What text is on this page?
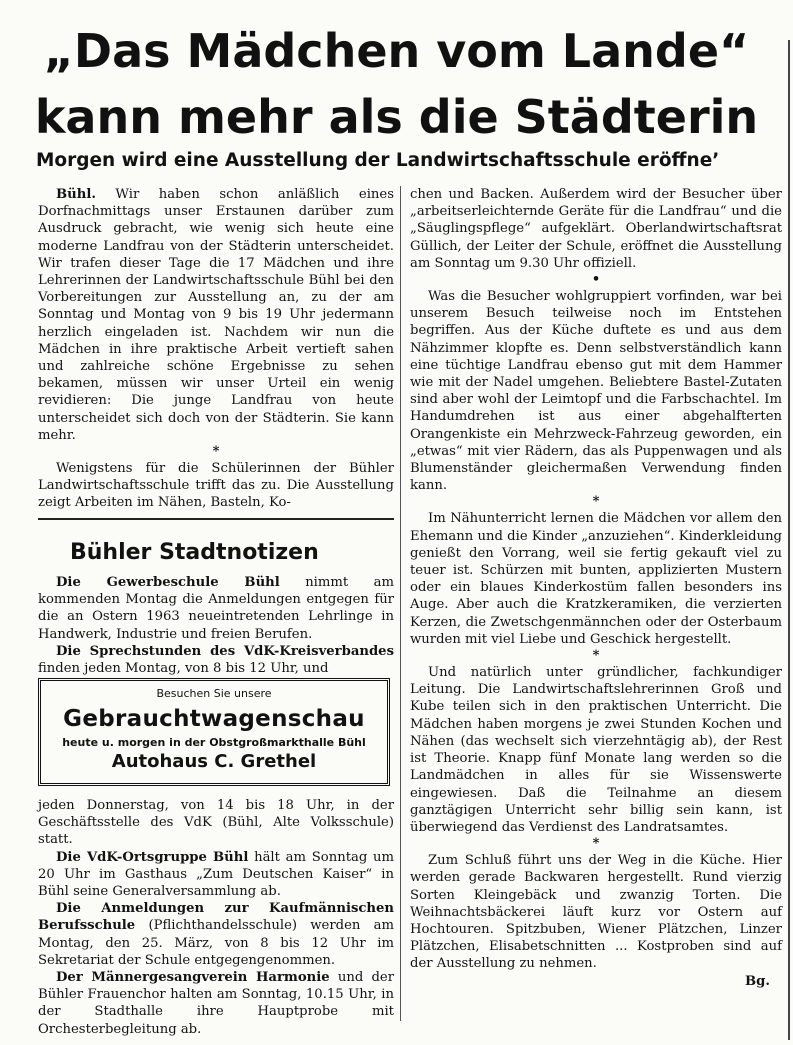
„Das Mädchen vom Lande“
kann mehr als die Städterin
Morgen wird eine Ausstellung der Landwirtschaftsschule eröffne’

Bühl. Wir haben schon anläßlich eines Dorfnachmittags unser Erstaunen darüber zum Ausdruck gebracht, wie wenig sich heute eine moderne Landfrau von der Städterin unterscheidet. Wir trafen dieser Tage die 17 Mädchen und ihre Lehrerinnen der Landwirtschaftsschule Bühl bei den Vorbereitungen zur Ausstellung an, zu der am Sonntag und Montag von 9 bis 19 Uhr jedermann herzlich eingeladen ist. Nachdem wir nun die Mädchen in ihre praktische Arbeit vertieft sahen und zahlreiche schöne Ergebnisse zu sehen bekamen, müssen wir unser Urteil ein wenig revidieren: Die junge Landfrau von heute unterscheidet sich doch von der Städterin. Sie kann mehr.

*

Wenigstens für die Schülerinnen der Bühler Landwirtschaftsschule trifft das zu. Die Ausstellung zeigt Arbeiten im Nähen, Basteln, Ko-

Bühler Stadtnotizen

Die Gewerbeschule Bühl nimmt am kommenden Montag die Anmeldungen entgegen für die an Ostern 1963 neueintretenden Lehrlinge in Handwerk, Industrie und freien Berufen.

Die Sprechstunden des VdK-Kreisverbandes finden jeden Montag, von 8 bis 12 Uhr, und

Besuchen Sie unsere
Gebrauchtwagenschau
heute u. morgen in der Obstgroßmarkthalle Bühl
Autohaus C. Grethel

jeden Donnerstag, von 14 bis 18 Uhr, in der Geschäftsstelle des VdK (Bühl, Alte Volksschule) statt.

Die VdK-Ortsgruppe Bühl hält am Sonntag um 20 Uhr im Gasthaus „Zum Deutschen Kaiser“ in Bühl seine Generalversammlung ab.

Die Anmeldungen zur Kaufmännischen Berufsschule (Pflichthandelsschule) werden am Montag, den 25. März, von 8 bis 12 Uhr im Sekretariat der Schule entgegengenommen.

Der Männergesangverein Harmonie und der Bühler Frauenchor halten am Sonntag, 10.15 Uhr, in der Stadthalle ihre Hauptprobe mit Orchesterbegleitung ab.

chen und Backen. Außerdem wird der Besucher über „arbeitserleichternde Geräte für die Landfrau“ und die „Säuglingspflege“ aufgeklärt. Oberlandwirtschaftsrat Güllich, der Leiter der Schule, eröffnet die Ausstellung am Sonntag um 9.30 Uhr offiziell.

•

Was die Besucher wohlgruppiert vorfinden, war bei unserem Besuch teilweise noch im Entstehen begriffen. Aus der Küche duftete es und aus dem Nähzimmer klopfte es. Denn selbstverständlich kann eine tüchtige Landfrau ebenso gut mit dem Hammer wie mit der Nadel umgehen. Beliebtere Bastel-Zutaten sind aber wohl der Leimtopf und die Farbschachtel. Im Handumdrehen ist aus einer abgehalfterten Orangenkiste ein Mehrzweck-Fahrzeug geworden, ein „etwas“ mit vier Rädern, das als Puppenwagen und als Blumenständer gleichermaßen Verwendung finden kann.

*

Im Nähunterricht lernen die Mädchen vor allem den Ehemann und die Kinder „anzuziehen“. Kinderkleidung genießt den Vorrang, weil sie fertig gekauft viel zu teuer ist. Schürzen mit bunten, applizierten Mustern oder ein blaues Kinderkostüm fallen besonders ins Auge. Aber auch die Kratzkeramiken, die verzierten Kerzen, die Zwetschgenmännchen oder der Osterbaum wurden mit viel Liebe und Geschick hergestellt.

*

Und natürlich unter gründlicher, fachkundiger Leitung. Die Landwirtschaftslehrerinnen Groß und Kube teilen sich in den praktischen Unterricht. Die Mädchen haben morgens je zwei Stunden Kochen und Nähen (das wechselt sich vierzehntägig ab), der Rest ist Theorie. Knapp fünf Monate lang werden so die Landmädchen in alles für sie Wissenswerte eingewiesen. Daß die Teilnahme an diesem ganztägigen Unterricht sehr billig sein kann, ist überwiegend das Verdienst des Landratsamtes.

*

Zum Schluß führt uns der Weg in die Küche. Hier werden gerade Backwaren hergestellt. Rund vierzig Sorten Kleingebäck und zwanzig Torten. Die Weihnachtsbäckerei läuft kurz vor Ostern auf Hochtouren. Spitzbuben, Wiener Plätzchen, Linzer Plätzchen, Elisabetschnitten ... Kostproben sind auf der Ausstellung zu nehmen.

Bg.
